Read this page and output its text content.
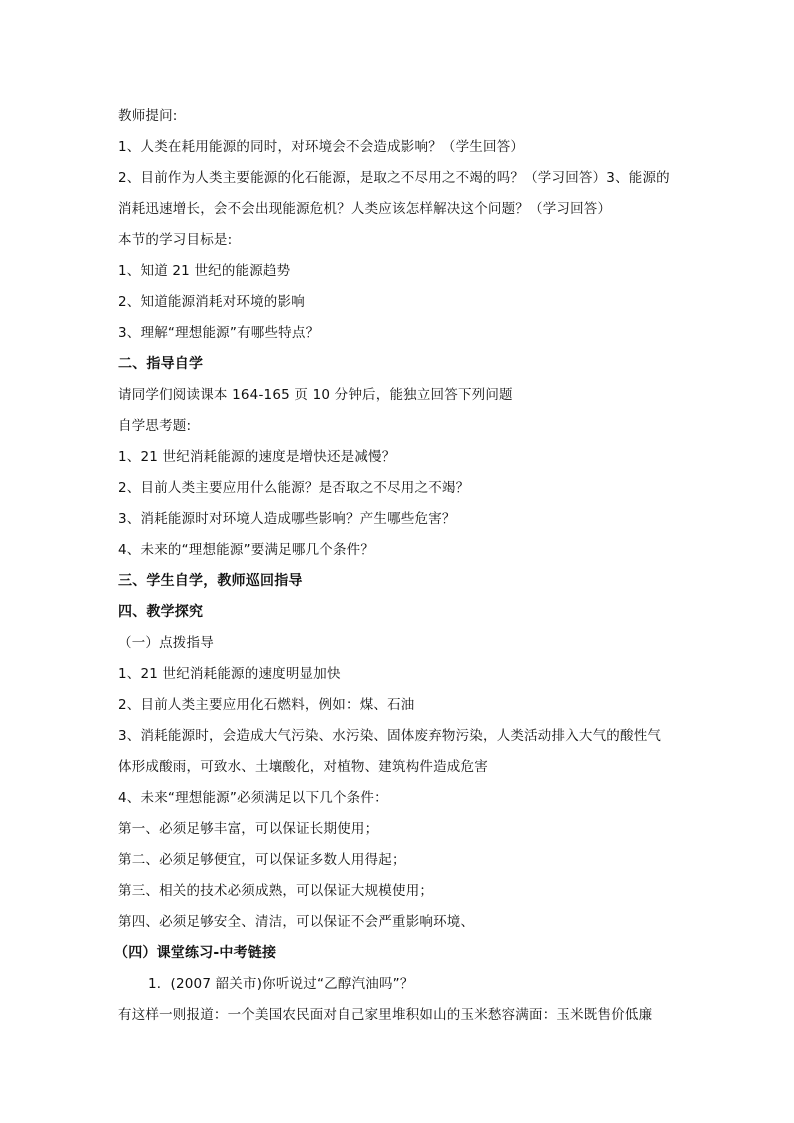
教师提问:
1、人类在耗用能源的同时，对环境会不会造成影响？（学生回答）
2、目前作为人类主要能源的化石能源，是取之不尽用之不竭的吗？（学习回答）3、能源的
消耗迅速增长，会不会出现能源危机？人类应该怎样解决这个问题？（学习回答）
本节的学习目标是:
1、知道 21 世纪的能源趋势
2、知道能源消耗对环境的影响
3、理解“理想能源”有哪些特点？
二、指导自学
请同学们阅读课本 164-165 页 10 分钟后，能独立回答下列问题
自学思考题:
1、21 世纪消耗能源的速度是增快还是减慢？
2、目前人类主要应用什么能源？是否取之不尽用之不竭？
3、消耗能源时对环境人造成哪些影响？产生哪些危害？
4、未来的“理想能源”要满足哪几个条件？
三、学生自学，教师巡回指导
四、教学探究
（一）点拨指导
1、21 世纪消耗能源的速度明显加快
2、目前人类主要应用化石燃料，例如：煤、石油
3、消耗能源时，会造成大气污染、水污染、固体废弃物污染，人类活动排入大气的酸性气
体形成酸雨，可致水、土壤酸化，对植物、建筑构件造成危害
4、未来“理想能源”必须满足以下几个条件：
第一、必须足够丰富，可以保证长期使用；
第二、必须足够便宜，可以保证多数人用得起；
第三、相关的技术必须成熟，可以保证大规模使用；
第四、必须足够安全、清洁，可以保证不会严重影响环境、
（四）课堂练习-中考链接
1．(2007 韶关市)你听说过“乙醇汽油吗”？
有这样一则报道：一个美国农民面对自己家里堆积如山的玉米愁容满面：玉米既售价低廉
